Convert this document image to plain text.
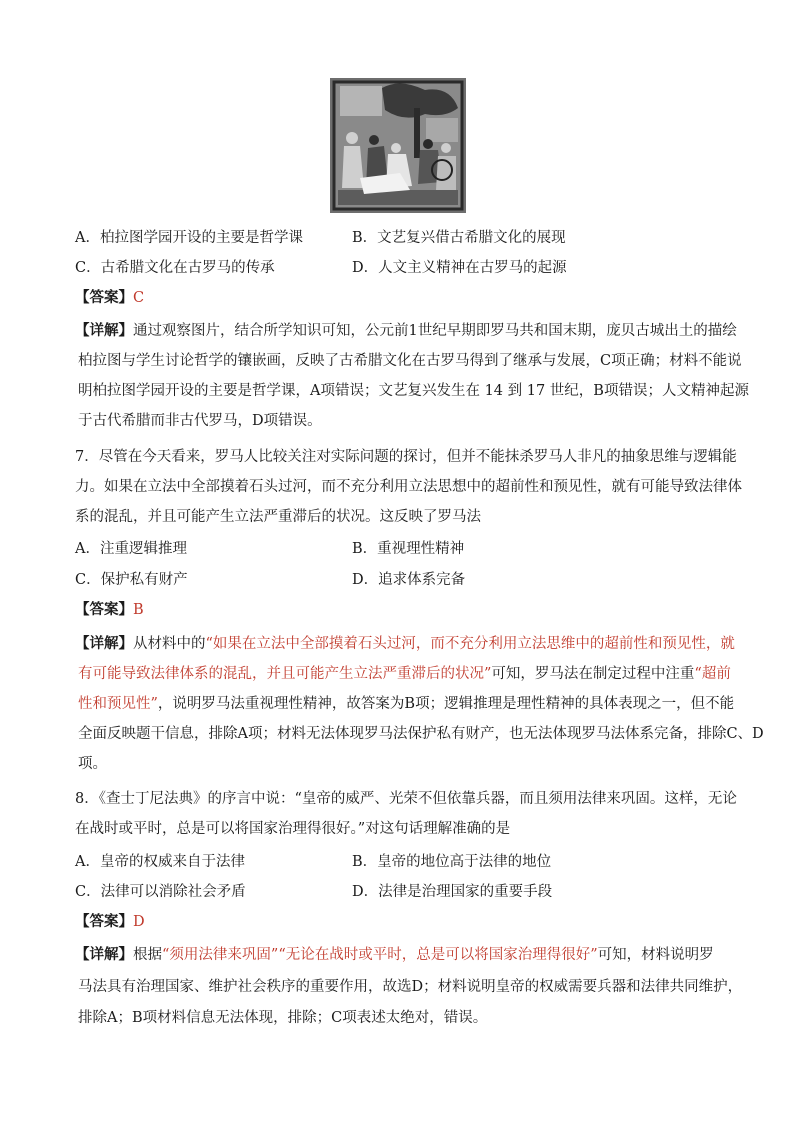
A．柏拉图学园开设的主要是哲学课	B．文艺复兴借古希腊文化的展现
C．古希腊文化在古罗马的传承	D．人文主义精神在古罗马的起源
【答案】C
【详解】通过观察图片，结合所学知识可知，公元前1世纪早期即罗马共和国末期，庞贝古城出土的描绘
柏拉图与学生讨论哲学的镶嵌画，反映了古希腊文化在古罗马得到了继承与发展，C项正确；材料不能说
明柏拉图学园开设的主要是哲学课，A项错误；文艺复兴发生在 14 到 17 世纪，B项错误；人文精神起源
于古代希腊而非古代罗马，D项错误。
7．尽管在今天看来，罗马人比较关注对实际问题的探讨，但并不能抹杀罗马人非凡的抽象思维与逻辑能
力。如果在立法中全部摸着石头过河，而不充分利用立法思想中的超前性和预见性，就有可能导致法律体
系的混乱，并且可能产生立法严重滞后的状况。这反映了罗马法
A．注重逻辑推理	B．重视理性精神
C．保护私有财产	D．追求体系完备
【答案】B
【详解】从材料中的“如果在立法中全部摸着石头过河，而不充分利用立法思维中的超前性和预见性，就
有可能导致法律体系的混乱，并且可能产生立法严重滞后的状况”可知，罗马法在制定过程中注重“超前
性和预见性”，说明罗马法重视理性精神，故答案为B项；逻辑推理是理性精神的具体表现之一，但不能
全面反映题干信息，排除A项；材料无法体现罗马法保护私有财产，也无法体现罗马法体系完备，排除C、D
项。
8．《查士丁尼法典》的序言中说：“皇帝的威严、光荣不但依靠兵器，而且须用法律来巩固。这样，无论
在战时或平时，总是可以将国家治理得很好。”对这句话理解准确的是
A．皇帝的权威来自于法律	B．皇帝的地位高于法律的地位
C．法律可以消除社会矛盾	D．法律是治理国家的重要手段
【答案】D
【详解】根据“须用法律来巩固”“无论在战时或平时，总是可以将国家治理得很好”可知，材料说明罗
马法具有治理国家、维护社会秩序的重要作用，故选D；材料说明皇帝的权威需要兵器和法律共同维护，
排除A；B项材料信息无法体现，排除；C项表述太绝对，错误。
